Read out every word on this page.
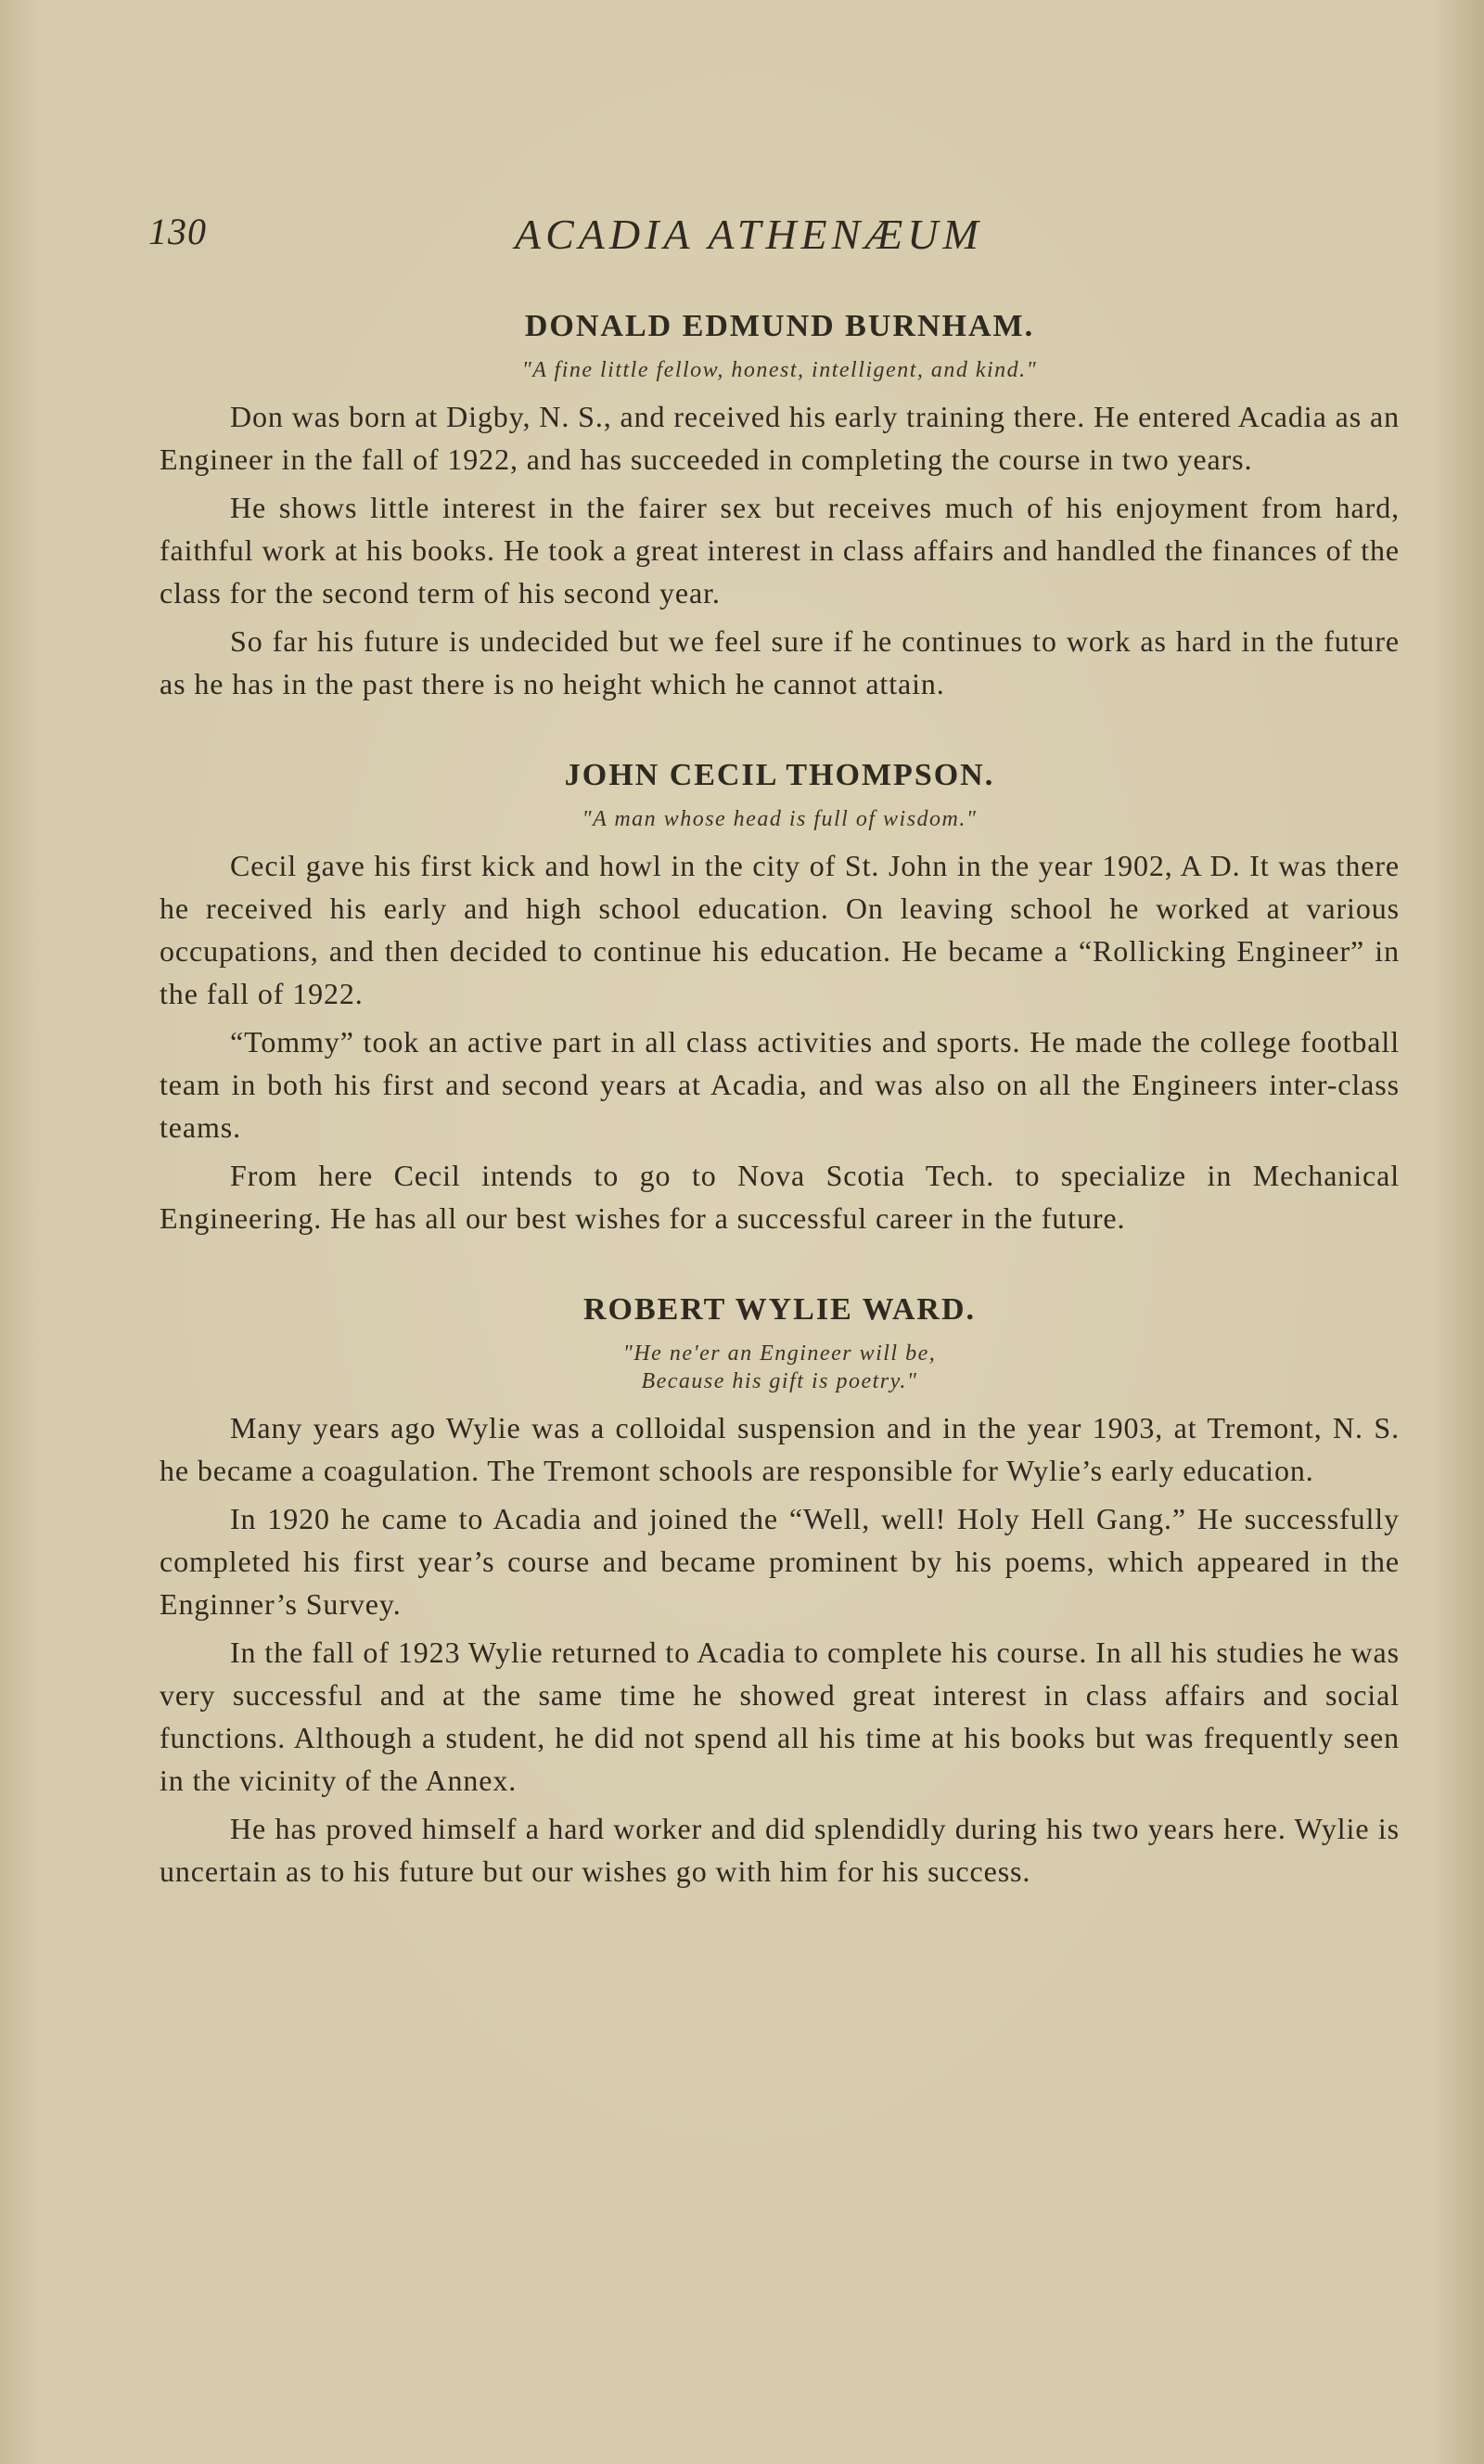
130	ACADIA ATHENÆUM
DONALD EDMUND BURNHAM.
"A fine little fellow, honest, intelligent, and kind."

Don was born at Digby, N. S., and received his early training there. He entered Acadia as an Engineer in the fall of 1922, and has succeeded in completing the course in two years.

He shows little interest in the fairer sex but receives much of his enjoyment from hard, faithful work at his books. He took a great interest in class affairs and handled the finances of the class for the second term of his second year.

So far his future is undecided but we feel sure if he continues to work as hard in the future as he has in the past there is no height which he cannot attain.

JOHN CECIL THOMPSON.
"A man whose head is full of wisdom."

Cecil gave his first kick and howl in the city of St. John in the year 1902, A D. It was there he received his early and high school education. On leaving school he worked at various occupations, and then decided to continue his education. He became a “Rollicking Engineer” in the fall of 1922.

“Tommy” took an active part in all class activities and sports. He made the college football team in both his first and second years at Acadia, and was also on all the Engineers inter-class teams.

From here Cecil intends to go to Nova Scotia Tech. to specialize in Mechanical Engineering. He has all our best wishes for a successful career in the future.

ROBERT WYLIE WARD.
"He ne'er an Engineer will be,
Because his gift is poetry."

Many years ago Wylie was a colloidal suspension and in the year 1903, at Tremont, N. S. he became a coagulation. The Tremont schools are responsible for Wylie’s early education.

In 1920 he came to Acadia and joined the “Well, well! Holy Hell Gang.” He successfully completed his first year’s course and became prominent by his poems, which appeared in the Enginner’s Survey.

In the fall of 1923 Wylie returned to Acadia to complete his course. In all his studies he was very successful and at the same time he showed great interest in class affairs and social functions. Although a student, he did not spend all his time at his books but was frequently seen in the vicinity of the Annex.

He has proved himself a hard worker and did splendidly during his two years here. Wylie is uncertain as to his future but our wishes go with him for his success.
